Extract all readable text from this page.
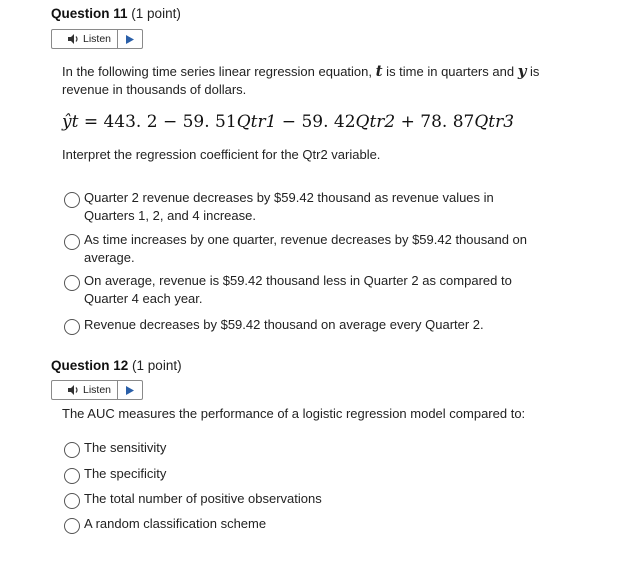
Question 11 (1 point)
Listen
In the following time series linear regression equation, t is time in quarters and y is revenue in thousands of dollars.
ŷt = 443. 2 − 59. 51Qtr1 − 59. 42Qtr2 + 78. 87Qtr3
Interpret the regression coefficient for the Qtr2 variable.
Quarter 2 revenue decreases by $59.42 thousand as revenue values in Quarters 1, 2, and 4 increase.
As time increases by one quarter, revenue decreases by $59.42 thousand on average.
On average, revenue is $59.42 thousand less in Quarter 2 as compared to Quarter 4 each year.
Revenue decreases by $59.42 thousand on average every Quarter 2.
Question 12 (1 point)
Listen
The AUC measures the performance of a logistic regression model compared to:
The sensitivity
The specificity
The total number of positive observations
A random classification scheme
